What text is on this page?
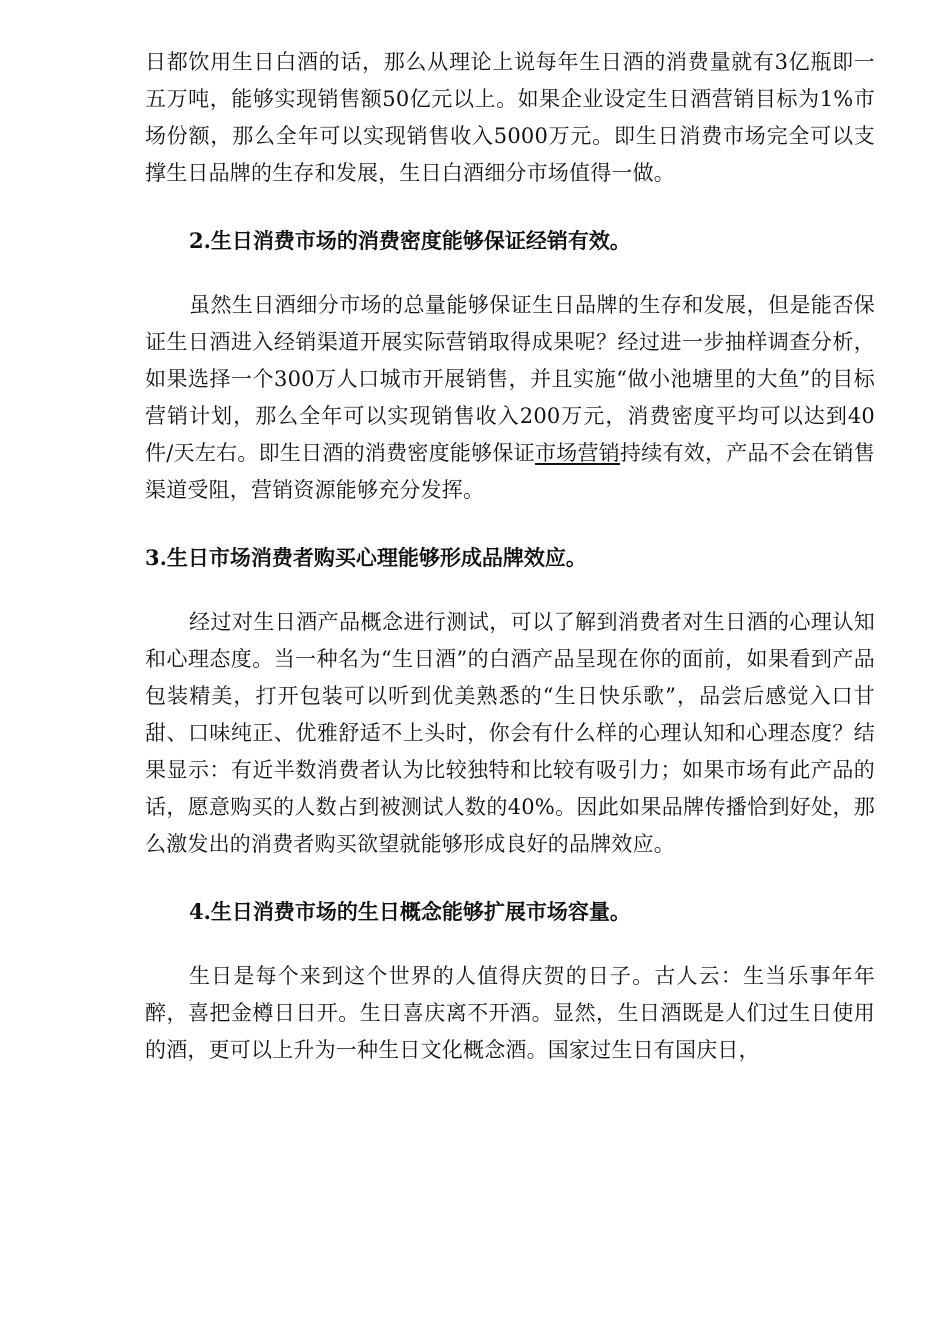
日都饮用生日白酒的话，那么从理论上说每年生日酒的消费量就有3亿瓶即一五万吨，能够实现销售额50亿元以上。如果企业设定生日酒营销目标为1%市场份额，那么全年可以实现销售收入5000万元。即生日消费市场完全可以支撑生日品牌的生存和发展，生日白酒细分市场值得一做。

2.生日消费市场的消费密度能够保证经销有效。

虽然生日酒细分市场的总量能够保证生日品牌的生存和发展，但是能否保证生日酒进入经销渠道开展实际营销取得成果呢？经过进一步抽样调查分析，如果选择一个300万人口城市开展销售，并且实施“做小池塘里的大鱼”的目标营销计划，那么全年可以实现销售收入200万元，消费密度平均可以达到40件/天左右。即生日酒的消费密度能够保证市场营销持续有效，产品不会在销售渠道受阻，营销资源能够充分发挥。

3.生日市场消费者购买心理能够形成品牌效应。

经过对生日酒产品概念进行测试，可以了解到消费者对生日酒的心理认知和心理态度。当一种名为“生日酒”的白酒产品呈现在你的面前，如果看到产品包装精美，打开包装可以听到优美熟悉的“生日快乐歌”，品尝后感觉入口甘甜、口味纯正、优雅舒适不上头时，你会有什么样的心理认知和心理态度？结果显示：有近半数消费者认为比较独特和比较有吸引力；如果市场有此产品的话，愿意购买的人数占到被测试人数的40%。因此如果品牌传播恰到好处，那么激发出的消费者购买欲望就能够形成良好的品牌效应。

4.生日消费市场的生日概念能够扩展市场容量。

生日是每个来到这个世界的人值得庆贺的日子。古人云：生当乐事年年醉，喜把金樽日日开。生日喜庆离不开酒。显然，生日酒既是人们过生日使用的酒，更可以上升为一种生日文化概念酒。国家过生日有国庆日，
